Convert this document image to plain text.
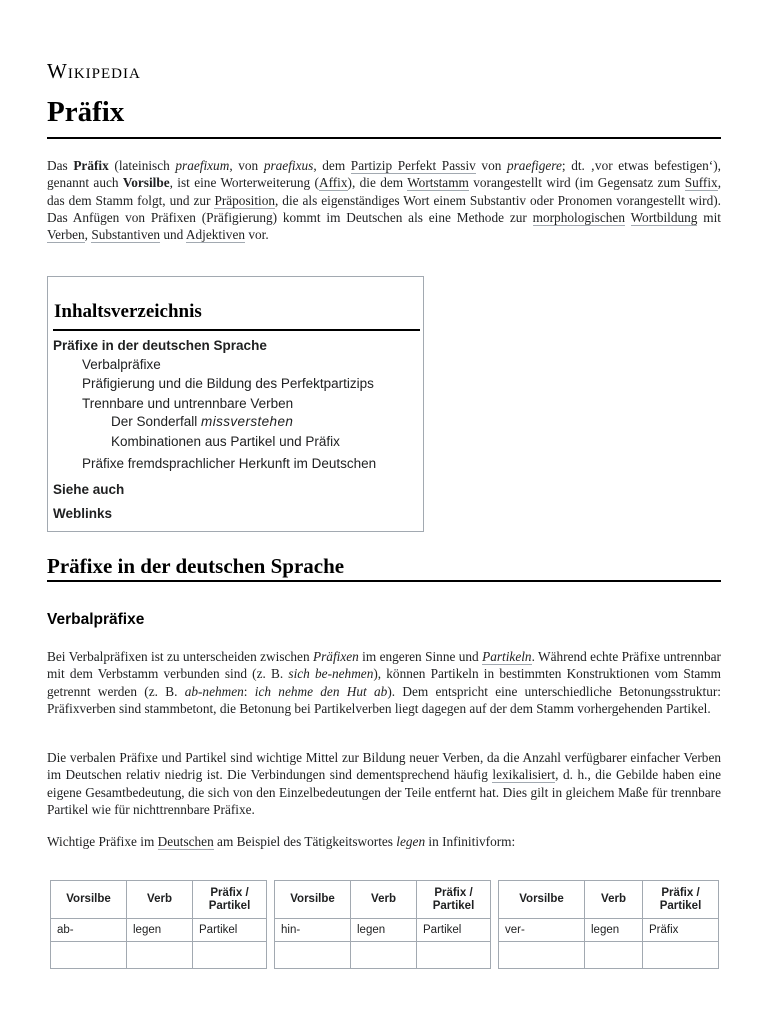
Wikipedia
Präfix

Das Präfix (lateinisch praefixum, von praefixus, dem Partizip Perfekt Passiv von praefigere; dt. ‚vor etwas befestigen‘), genannt auch Vorsilbe, ist eine Worterweiterung (Affix), die dem Wortstamm vorangestellt wird (im Gegensatz zum Suffix, das dem Stamm folgt, und zur Präposition, die als eigenständiges Wort einem Substantiv oder Pronomen vorangestellt wird). Das Anfügen von Präfixen (Präfigierung) kommt im Deutschen als eine Methode zur morphologischen Wortbildung mit Verben, Substantiven und Adjektiven vor.

Inhaltsverzeichnis
Präfixe in der deutschen Sprache
Verbalpräfixe
Präfigierung und die Bildung des Perfektpartizips
Trennbare und untrennbare Verben
Der Sonderfall missverstehen
Kombinationen aus Partikel und Präfix
Präfixe fremdsprachlicher Herkunft im Deutschen
Siehe auch
Weblinks
Präfixe in der deutschen Sprache
Verbalpräfixe

Bei Verbalpräfixen ist zu unterscheiden zwischen Präfixen im engeren Sinne und Partikeln. Während echte Präfixe untrennbar mit dem Verbstamm verbunden sind (z. B. sich be-nehmen), können Partikeln in bestimmten Konstruktionen vom Stamm getrennt werden (z. B. ab-nehmen: ich nehme den Hut ab). Dem entspricht eine unterschiedliche Betonungsstruktur: Präfixverben sind stammbetont, die Betonung bei Partikelverben liegt dagegen auf der dem Stamm vorhergehenden Partikel.

Die verbalen Präfixe und Partikel sind wichtige Mittel zur Bildung neuer Verben, da die Anzahl verfügbarer einfacher Verben im Deutschen relativ niedrig ist. Die Verbindungen sind dementsprechend häufig lexikalisiert, d. h., die Gebilde haben eine eigene Gesamtbedeutung, die sich von den Einzelbedeutungen der Teile entfernt hat. Dies gilt in gleichem Maße für trennbare Partikel wie für nichttrennbare Präfixe.

Wichtige Präfixe im Deutschen am Beispiel des Tätigkeitswortes legen in Infinitivform:

Vorsilbe	Verb	Präfix / Partikel
ab-	legen	Partikel

Vorsilbe	Verb	Präfix / Partikel
hin-	legen	Partikel

Vorsilbe	Verb	Präfix / Partikel
ver-	legen	Präfix
